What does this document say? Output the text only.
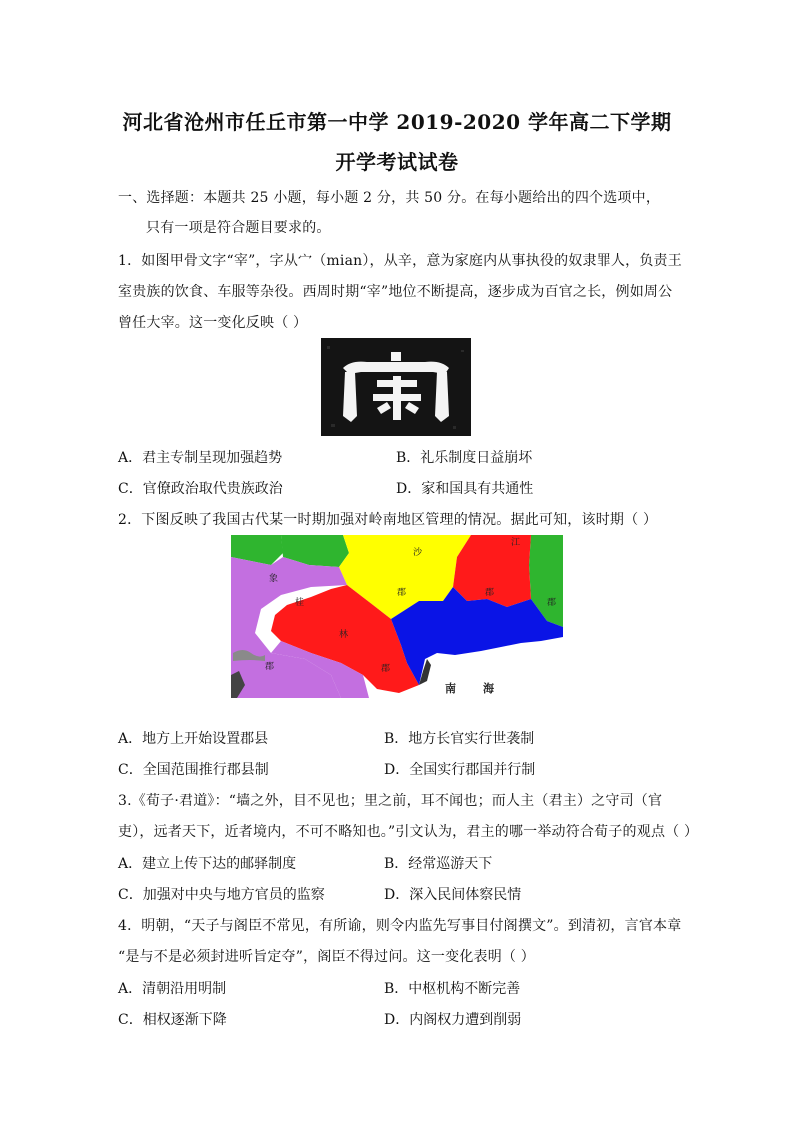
河北省沧州市任丘市第一中学 2019-2020 学年高二下学期
开学考试试卷
一、选择题：本题共 25 小题，每小题 2 分，共 50 分。在每小题给出的四个选项中，
只有一项是符合题目要求的。
1．如图甲骨文字“宰”，字从宀（mian），从辛，意为家庭内从事执役的奴隶罪人，负责王
室贵族的饮食、车服等杂役。西周时期“宰”地位不断提高，逐步成为百官之长，例如周公
曾任大宰。这一变化反映（ ）
A．君主专制呈现加强趋势	B．礼乐制度日益崩坏
C．官僚政治取代贵族政治	D．家和国具有共通性
2．下图反映了我国古代某一时期加强对岭南地区管理的情况。据此可知，该时期（ ）
象
桂
林
郡	郡
沙
郡
江
郡
郡
南 海
A．地方上开始设置郡县	B．地方长官实行世袭制
C．全国范围推行郡县制	D．全国实行郡国并行制
3.《荀子·君道》：“墙之外，目不见也；里之前，耳不闻也；而人主（君主）之守司（官
吏），远者天下，近者境内，不可不略知也。”引文认为，君主的哪一举动符合荀子的观点（ ）
A．建立上传下达的邮驿制度	B．经常巡游天下
C．加强对中央与地方官员的监察	D．深入民间体察民情
4．明朝，“天子与阁臣不常见，有所谕，则令内监先写事目付阁撰文”。到清初，言官本章
“是与不是必须封进听旨定夺”，阁臣不得过问。这一变化表明（ ）
A．清朝沿用明制	B．中枢机构不断完善
C．相权逐渐下降	D．内阁权力遭到削弱
